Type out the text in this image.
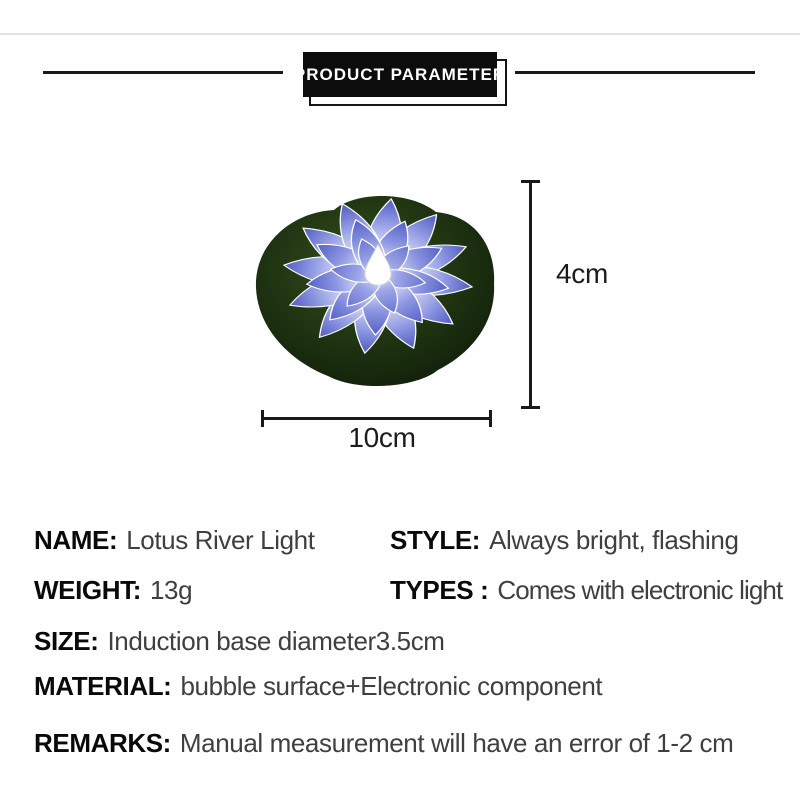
PRODUCT PARAMETER
4cm
10cm
NAME: Lotus River Light	STYLE: Always bright, flashing
WEIGHT: 13g	TYPES : Comes with electronic light
SIZE: Induction base diameter3.5cm
MATERIAL: bubble surface+Electronic component
REMARKS: Manual measurement will have an error of 1-2 cm
